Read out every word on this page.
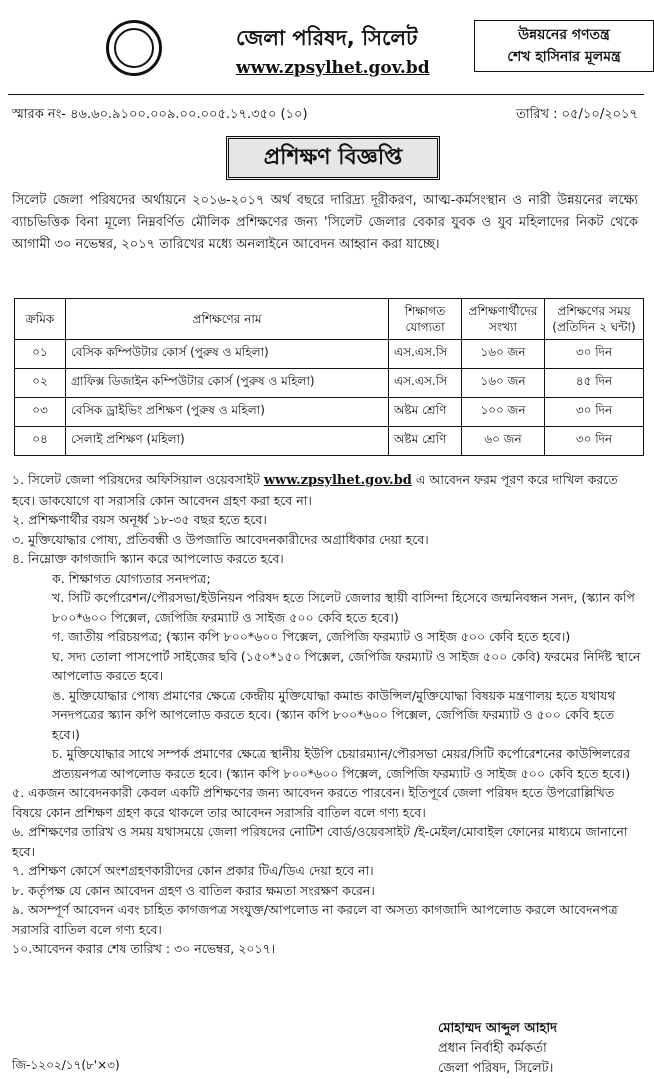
জেলা পরিষদ, সিলেট
www.zpsylhet.gov.bd
উন্নয়নের গণতন্ত্র
শেখ হাসিনার মূলমন্ত্র
স্মারক নং- ৪৬.৬০.৯১০০.০০৯.০০.০০৫.১৭.৩৫০ (১০)	তারিখ : ০৫/১০/২০১৭
প্রশিক্ষণ বিজ্ঞপ্তি
সিলেট জেলা পরিষদের অর্থায়নে ২০১৬-২০১৭ অর্থ বছরে দারিদ্র্য দূরীকরণ, আত্ম-কর্মসংস্থান ও নারী উন্নয়নের লক্ষ্যে ব্যাচভিত্তিক বিনা মূল্যে নিম্নবর্ণিত মৌলিক প্রশিক্ষণের জন্য 'সিলেট জেলার বেকার যুবক ও যুব মহিলাদের নিকট থেকে আগামী ৩০ নভেম্বর, ২০১৭ তারিখের মধ্যে অনলাইনে আবেদন আহ্বান করা যাচ্ছে।
ক্রমিক	প্রশিক্ষণের নাম	শিক্ষাগত যোগ্যতা	প্রশিক্ষণার্থীদের সংখ্যা	প্রশিক্ষণের সময় (প্রতিদিন ২ ঘন্টা)
০১	বেসিক কম্পিউটার কোর্স (পুরুষ ও মহিলা)	এস.এস.সি	১৬০ জন	৩০ দিন
০২	গ্রাফিক্স ডিজাইন কম্পিউটার কোর্স (পুরুষ ও মহিলা)	এস.এস.সি	১৬০ জন	৪৫ দিন
০৩	বেসিক ড্রাইভিং প্রশিক্ষণ (পুরুষ ও মহিলা)	অষ্টম শ্রেণি	১০০ জন	৩০ দিন
০৪	সেলাই প্রশিক্ষণ (মহিলা)	অষ্টম শ্রেণি	৬০ জন	৩০ দিন

১. সিলেট জেলা পরিষদের অফিসিয়াল ওয়েবসাইট www.zpsylhet.gov.bd এ আবেদন ফরম পূরণ করে দাখিল করতে হবে। ডাকযোগে বা সরাসরি কোন আবেদন গ্রহণ করা হবে না।

২. প্রশিক্ষণার্থীর বয়স অনূর্ধ্ব ১৮-৩৫ বছর হতে হবে।

৩. মুক্তিযোদ্ধার পোষ্য, প্রতিবন্ধী ও উপজাতি আবেদনকারীদের অগ্রাধিকার দেয়া হবে।

৪. নিম্নোক্ত কাগজাদি স্ক্যান করে আপলোড করতে হবে।

ক. শিক্ষাগত যোগ্যতার সনদপত্র;

খ. সিটি কর্পোরেশন/পৌরসভা/ইউনিয়ন পরিষদ হতে সিলেট জেলার স্থায়ী বাসিন্দা হিসেবে জন্মনিবন্ধন সনদ, (স্ক্যান কপি ৮০০*৬০০ পিক্সেল, জেপিজি ফরম্যাট ও সাইজ ৫০০ কেবি হতে হবে।)

গ. জাতীয় পরিচয়পত্র; (স্ক্যান কপি ৮০০*৬০০ পিক্সেল, জেপিজি ফরম্যাট ও সাইজ ৫০০ কেবি হতে হবে।)

ঘ. সদ্য তোলা পাসপোর্ট সাইজের ছবি (১৫০*১৫০ পিক্সেল, জেপিজি ফরম্যাট ও সাইজ ৫০০ কেবি) ফরমের নির্দিষ্ট স্থানে আপলোড করতে হবে।

ঙ. মুক্তিযোদ্ধার পোষ্য প্রমাণের ক্ষেত্রে কেন্দ্রীয় মুক্তিযোদ্ধা কমান্ড কাউন্সিল/মুক্তিযোদ্ধা বিষয়ক মন্ত্রণালয় হতে যথাযথ সনদপত্রের স্ক্যান কপি আপলোড করতে হবে। (স্ক্যান কপি ৮০০*৬০০ পিক্সেল, জেপিজি ফরম্যাট ও ৫০০ কেবি হতে হবে।)

চ. মুক্তিযোদ্ধার সাথে সম্পর্ক প্রমাণের ক্ষেত্রে স্থানীয় ইউপি চেয়ারম্যান/পৌরসভা মেয়র/সিটি কর্পোরেশনের কাউন্সিলরের প্রত্যয়নপত্র আপলোড করতে হবে। (স্ক্যান কপি ৮০০*৬০০ পিক্সেল, জেপিজি ফরম্যাট ও সাইজ ৫০০ কেবি হতে হবে।)

৫. একজন আবেদনকারী কেবল একটি প্রশিক্ষণের জন্য আবেদন করতে পারবেন। ইতিপূর্বে জেলা পরিষদ হতে উপরোল্লিখিত বিষয়ে কোন প্রশিক্ষণ গ্রহণ করে থাকলে তার আবেদন সরাসরি বাতিল বলে গণ্য হবে।

৬. প্রশিক্ষণের তারিখ ও সময় যথাসময়ে জেলা পরিষদের নোটিশ বোর্ড/ওয়েবসাইট /ই-মেইল/মোবাইল ফোনের মাধ্যমে জানানো হবে।

৭. প্রশিক্ষণ কোর্সে অংশগ্রহণকারীদের কোন প্রকার টিএ/ডিএ দেয়া হবে না।

৮. কর্তৃপক্ষ যে কোন আবেদন গ্রহণ ও বাতিল করার ক্ষমতা সংরক্ষণ করেন।

৯. অসম্পূর্ণ আবেদন এবং চাহিত কাগজপত্র সংযুক্ত/আপলোড না করলে বা অসত্য কাগজাদি আপলোড করলে আবেদনপত্র সরাসরি বাতিল বলে গণ্য হবে।

১০.আবেদন করার শেষ তারিখ : ৩০ নভেম্বর, ২০১৭।

মোহাম্মদ আব্দুল আহাদ
প্রধান নির্বাহী কর্মকর্তা
জেলা পরিষদ, সিলেট।
জি-১২০২/১৭(৮'×৩)
